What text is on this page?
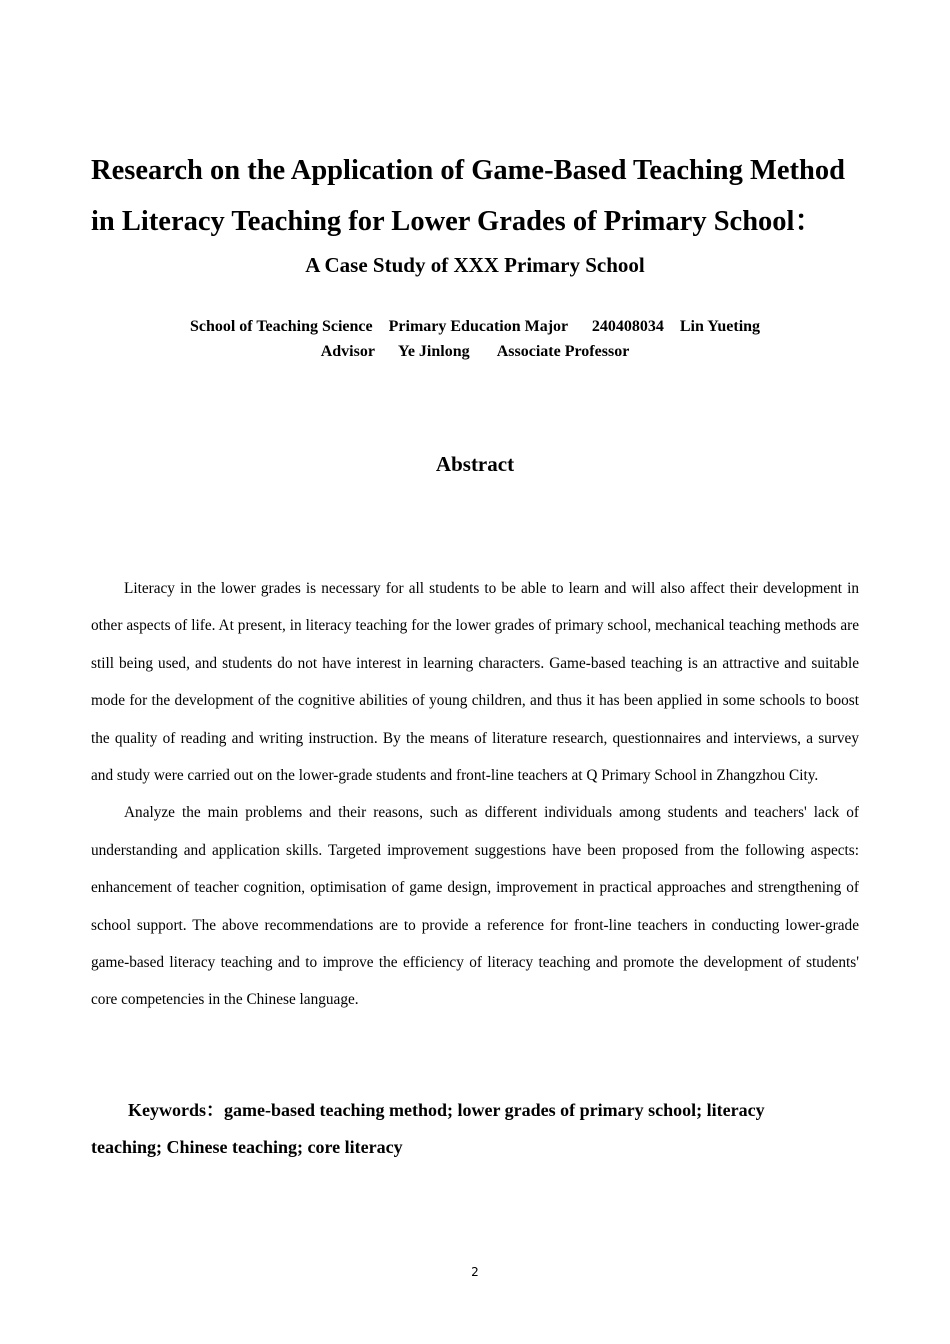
Research on the Application of Game-Based Teaching Method
in Literacy Teaching for Lower Grades of Primary School：
A Case Study of XXX Primary School
School of Teaching Science    Primary Education Major      240408034    Lin Yueting
Advisor      Ye Jinlong       Associate Professor
Abstract

Literacy in the lower grades is necessary for all students to be able to learn and will also affect their development in other aspects of life. At present, in literacy teaching for the lower grades of primary school, mechanical teaching methods are still being used, and students do not have interest in learning characters. Game-based teaching is an attractive and suitable mode for the development of the cognitive abilities of young children, and thus it has been applied in some schools to boost the quality of reading and writing instruction. By the means of literature research, questionnaires and interviews, a survey and study were carried out on the lower-grade students and front-line teachers at Q Primary School in Zhangzhou City.

Analyze the main problems and their reasons, such as different individuals among students and teachers' lack of understanding and application skills. Targeted improvement suggestions have been proposed from the following aspects: enhancement of teacher cognition, optimisation of game design, improvement in practical approaches and strengthening of school support. The above recommendations are to provide a reference for front-line teachers in conducting lower-grade game-based literacy teaching and to improve the efficiency of literacy teaching and promote the development of students' core competencies in the Chinese language.

Keywords：game-based teaching method; lower grades of primary school; literacy teaching; Chinese teaching; core literacy
2
